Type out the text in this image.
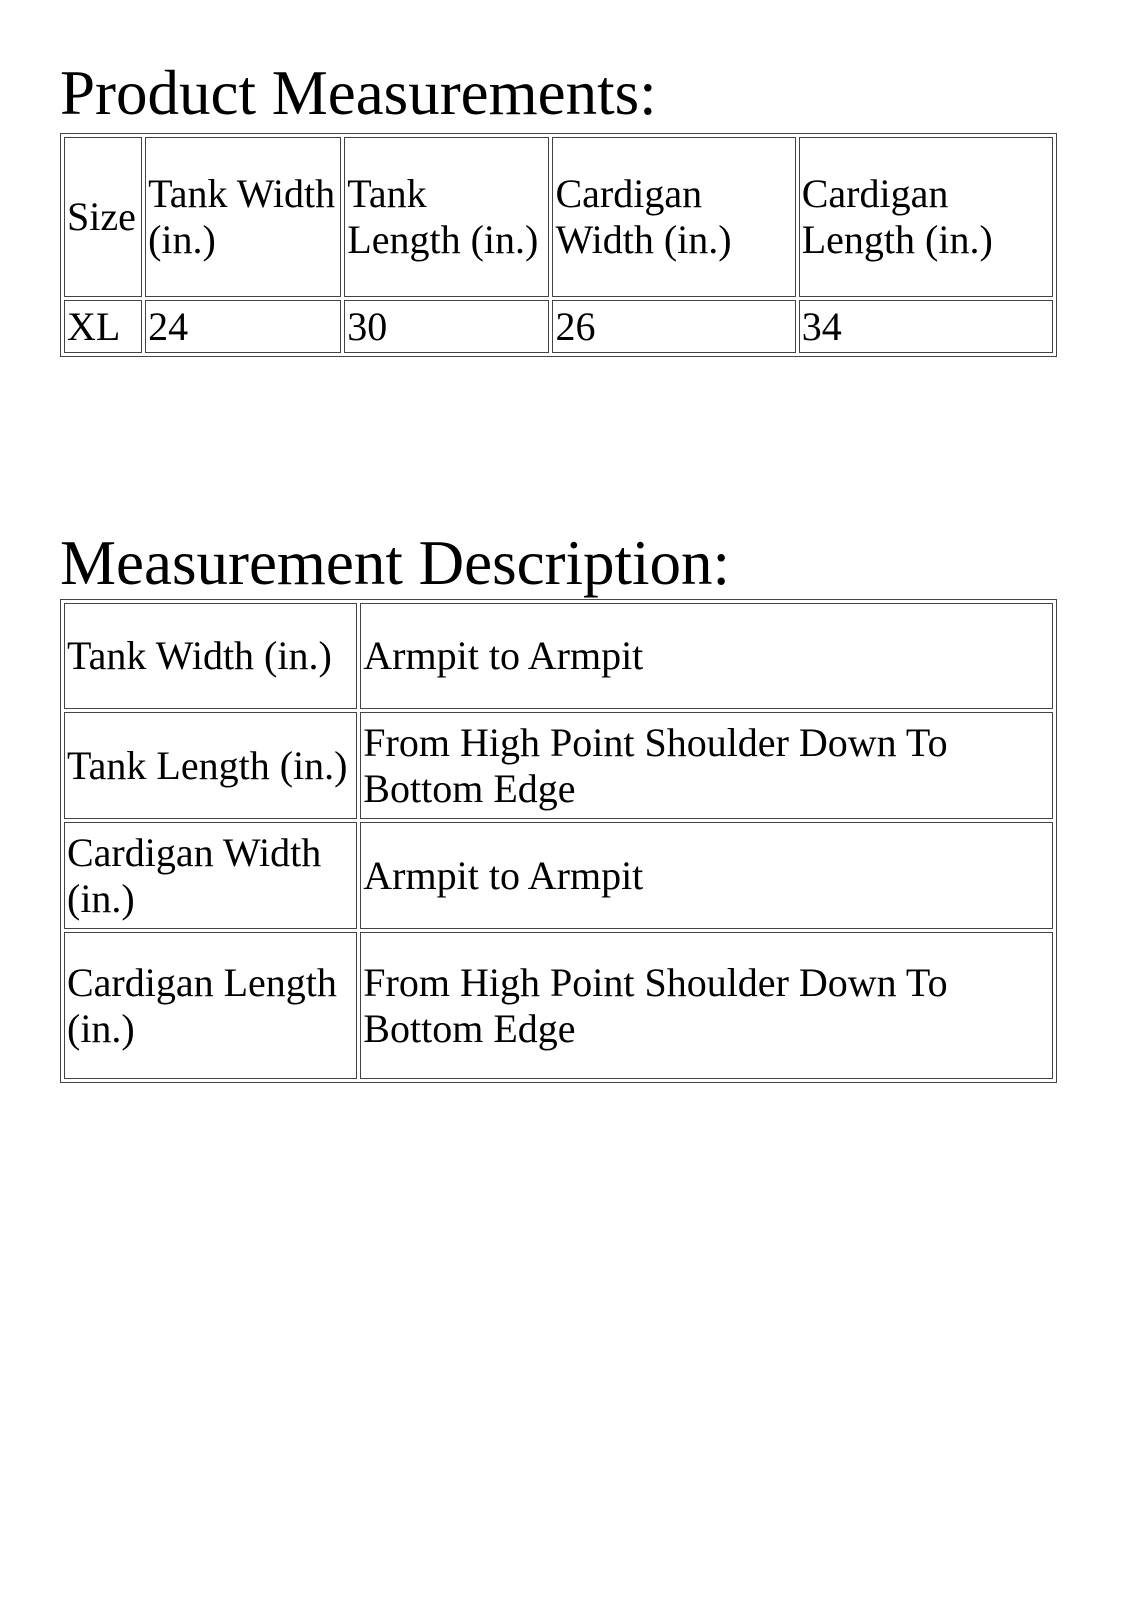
Product Measurements:
Size	Tank Width (in.)	Tank Length (in.)	Cardigan Width (in.)	Cardigan Length (in.)

XL	24	30	26	34
Measurement Description:
Tank Width (in.)	Armpit to Armpit
Tank Length (in.)	From High Point Shoulder Down To Bottom Edge
Cardigan Width (in.)	Armpit to Armpit
Cardigan Length (in.)	From High Point Shoulder Down To Bottom Edge
